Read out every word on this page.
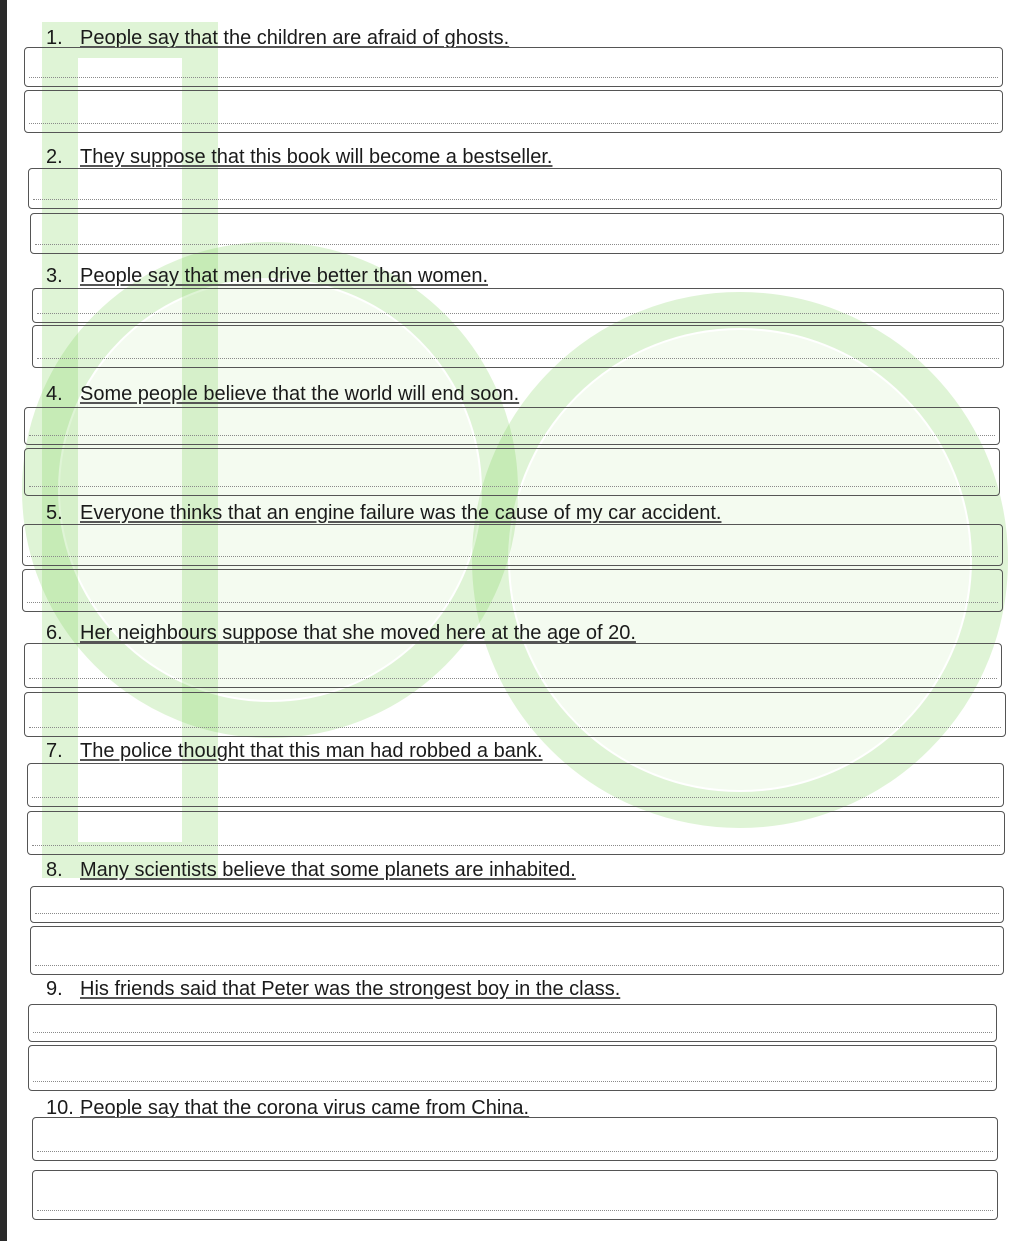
1. People say that the children are afraid of ghosts.
2. They suppose that this book will become a bestseller.
3. People say that men drive better than women.
4. Some people believe that the world will end soon.
5. Everyone thinks that an engine failure was the cause of my car accident.
6. Her neighbours suppose that she moved here at the age of 20.
7. The police thought that this man had robbed a bank.
8. Many scientists believe that some planets are inhabited.
9. His friends said that Peter was the strongest boy in the class.
10. People say that the corona virus came from China.
